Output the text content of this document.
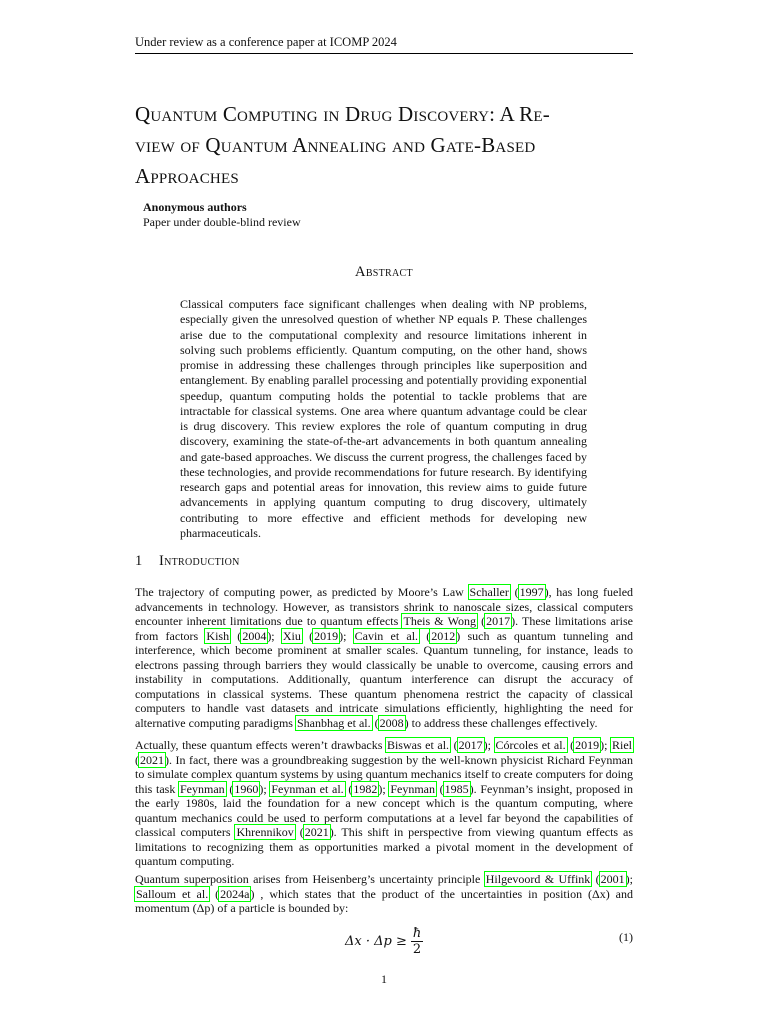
Under review as a conference paper at ICOMP 2024
Quantum Computing in Drug Discovery: A Re-
view of Quantum Annealing and Gate-Based
Approaches
Anonymous authors
Paper under double-blind review
Abstract
Classical computers face significant challenges when dealing with NP problems, especially given the unresolved question of whether NP equals P. These challenges arise due to the computational complexity and resource limitations inherent in solving such problems efficiently. Quantum computing, on the other hand, shows promise in addressing these challenges through principles like superposition and entanglement. By enabling parallel processing and potentially providing exponential speedup, quantum computing holds the potential to tackle problems that are intractable for classical systems. One area where quantum advantage could be clear is drug discovery. This review explores the role of quantum computing in drug discovery, examining the state-of-the-art advancements in both quantum annealing and gate-based approaches. We discuss the current progress, the challenges faced by these technologies, and provide recommendations for future research. By identifying research gaps and potential areas for innovation, this review aims to guide future advancements in applying quantum computing to drug discovery, ultimately contributing to more effective and efficient methods for developing new pharmaceuticals.
1 Introduction
The trajectory of computing power, as predicted by Moore’s Law Schaller (1997), has long fueled advancements in technology. However, as transistors shrink to nanoscale sizes, classical computers encounter inherent limitations due to quantum effects Theis & Wong (2017). These limitations arise from factors Kish (2004); Xiu (2019); Cavin et al. (2012) such as quantum tunneling and interference, which become prominent at smaller scales. Quantum tunneling, for instance, leads to electrons passing through barriers they would classically be unable to overcome, causing errors and instability in computations. Additionally, quantum interference can disrupt the accuracy of computations in classical systems. These quantum phenomena restrict the capacity of classical computers to handle vast datasets and intricate simulations efficiently, highlighting the need for alternative computing paradigms Shanbhag et al. (2008) to address these challenges effectively.
Actually, these quantum effects weren’t drawbacks Biswas et al. (2017); Córcoles et al. (2019); Riel (2021). In fact, there was a groundbreaking suggestion by the well-known physicist Richard Feynman to simulate complex quantum systems by using quantum mechanics itself to create computers for doing this task Feynman (1960); Feynman et al. (1982); Feynman (1985). Feynman’s insight, proposed in the early 1980s, laid the foundation for a new concept which is the quantum computing, where quantum mechanics could be used to perform computations at a level far beyond the capabilities of classical computers Khrennikov (2021). This shift in perspective from viewing quantum effects as limitations to recognizing them as opportunities marked a pivotal moment in the development of quantum computing.
Quantum superposition arises from Heisenberg’s uncertainty principle Hilgevoord & Uffink (2001); Salloum et al. (2024a) , which states that the product of the uncertainties in position (Δx) and momentum (Δp) of a particle is bounded by:
$\Delta x \cdot \Delta p \ge \frac{ħ}{2}$	(1)
1
